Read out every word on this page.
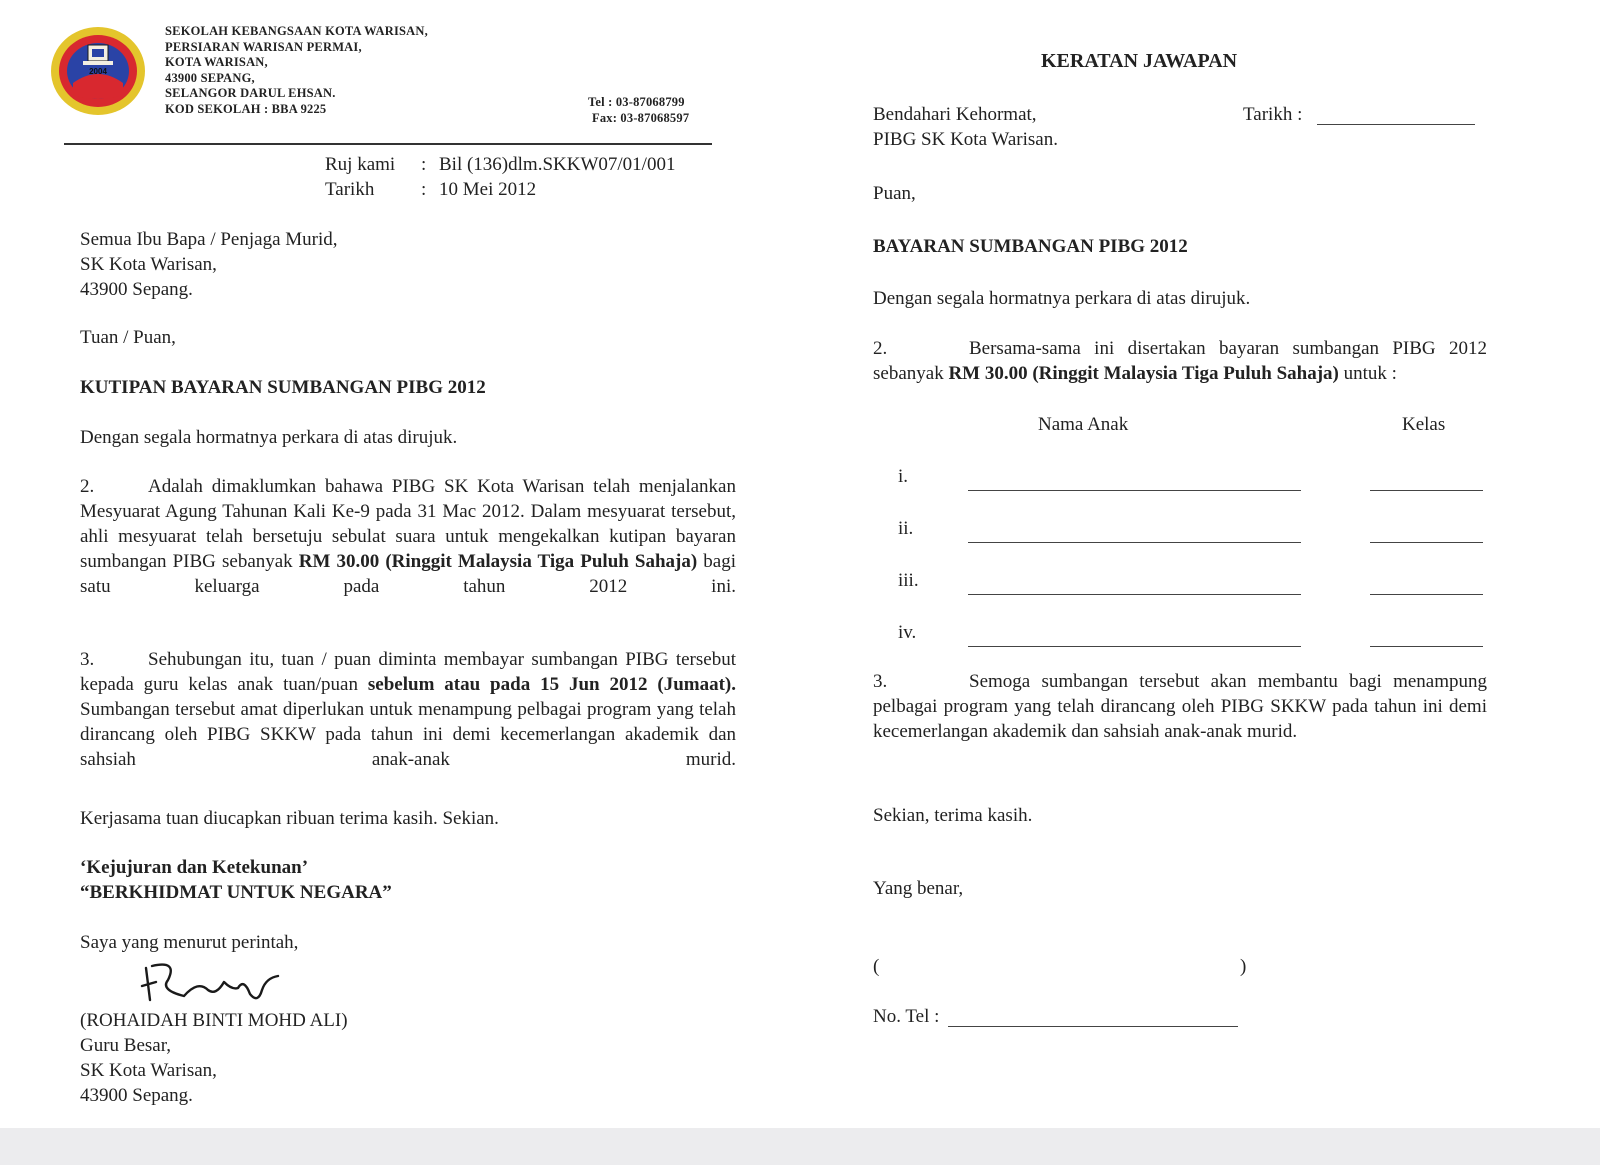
2004
SEKOLAH KEBANGSAAN KOTA WARISAN,
PERSIARAN WARISAN PERMAI,
KOTA WARISAN,
43900 SEPANG,
SELANGOR DARUL EHSAN.
KOD SEKOLAH : BBA 9225	Tel : 03-87068799
Fax: 03-87068597
Ruj kami : Bil (136)dlm.SKKW07/01/001
Tarikh : 10 Mei 2012
Semua Ibu Bapa / Penjaga Murid,
SK Kota Warisan,
43900 Sepang.
Tuan / Puan,
KUTIPAN BAYARAN SUMBANGAN PIBG 2012
Dengan segala hormatnya perkara di atas dirujuk.
2.	Adalah dimaklumkan bahawa PIBG SK Kota Warisan telah menjalankan Mesyuarat Agung Tahunan Kali Ke-9 pada 31 Mac 2012. Dalam mesyuarat tersebut, ahli mesyuarat telah bersetuju sebulat suara untuk mengekalkan kutipan bayaran sumbangan PIBG sebanyak RM 30.00 (Ringgit Malaysia Tiga Puluh Sahaja) bagi satu keluarga pada tahun 2012 ini.
3.	Sehubungan itu, tuan / puan diminta membayar sumbangan PIBG tersebut kepada guru kelas anak tuan/puan sebelum atau pada 15 Jun 2012 (Jumaat). Sumbangan tersebut amat diperlukan untuk menampung pelbagai program yang telah dirancang oleh PIBG SKKW pada tahun ini demi kecemerlangan akademik dan sahsiah anak-anak murid.
Kerjasama tuan diucapkan ribuan terima kasih. Sekian.
‘Kejujuran dan Ketekunan’
“BERKHIDMAT UNTUK NEGARA”
Saya yang menurut perintah,
(ROHAIDAH BINTI MOHD ALI)
Guru Besar,
SK Kota Warisan,
43900 Sepang.
KERATAN JAWAPAN
Bendahari Kehormat,
PIBG SK Kota Warisan.
Tarikh :
Puan,
BAYARAN SUMBANGAN PIBG 2012
Dengan segala hormatnya perkara di atas dirujuk.
2.	Bersama-sama ini disertakan bayaran sumbangan PIBG 2012 sebanyak RM 30.00 (Ringgit Malaysia Tiga Puluh Sahaja) untuk :
Nama Anak	Kelas
i.
ii.
iii.
iv.
3.	Semoga sumbangan tersebut akan membantu bagi menampung pelbagai program yang telah dirancang oleh PIBG SKKW pada tahun ini demi kecemerlangan akademik dan sahsiah anak-anak murid.
Sekian, terima kasih.
Yang benar,
(	)
No. Tel :
